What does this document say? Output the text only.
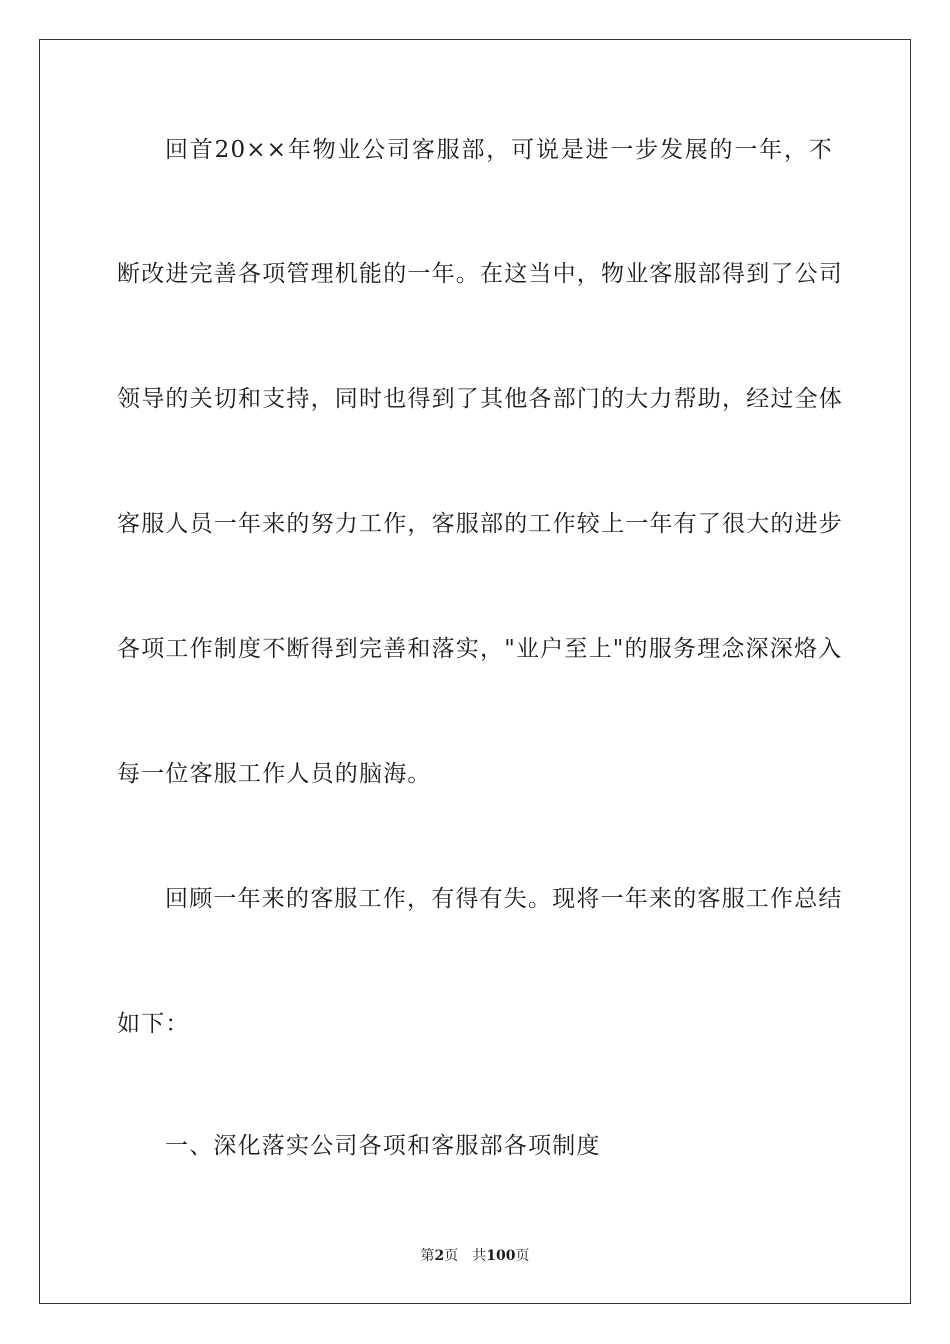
回首20××年物业公司客服部，可说是进一步发展的一年，不
断改进完善各项管理机能的一年。在这当中，物业客服部得到了公司
领导的关切和支持，同时也得到了其他各部门的大力帮助，经过全体
客服人员一年来的努力工作，客服部的工作较上一年有了很大的进步
各项工作制度不断得到完善和落实，"业户至上"的服务理念深深烙入
每一位客服工作人员的脑海。
回顾一年来的客服工作，有得有失。现将一年来的客服工作总结
如下：
一、深化落实公司各项和客服部各项制度
第2页 共100页
